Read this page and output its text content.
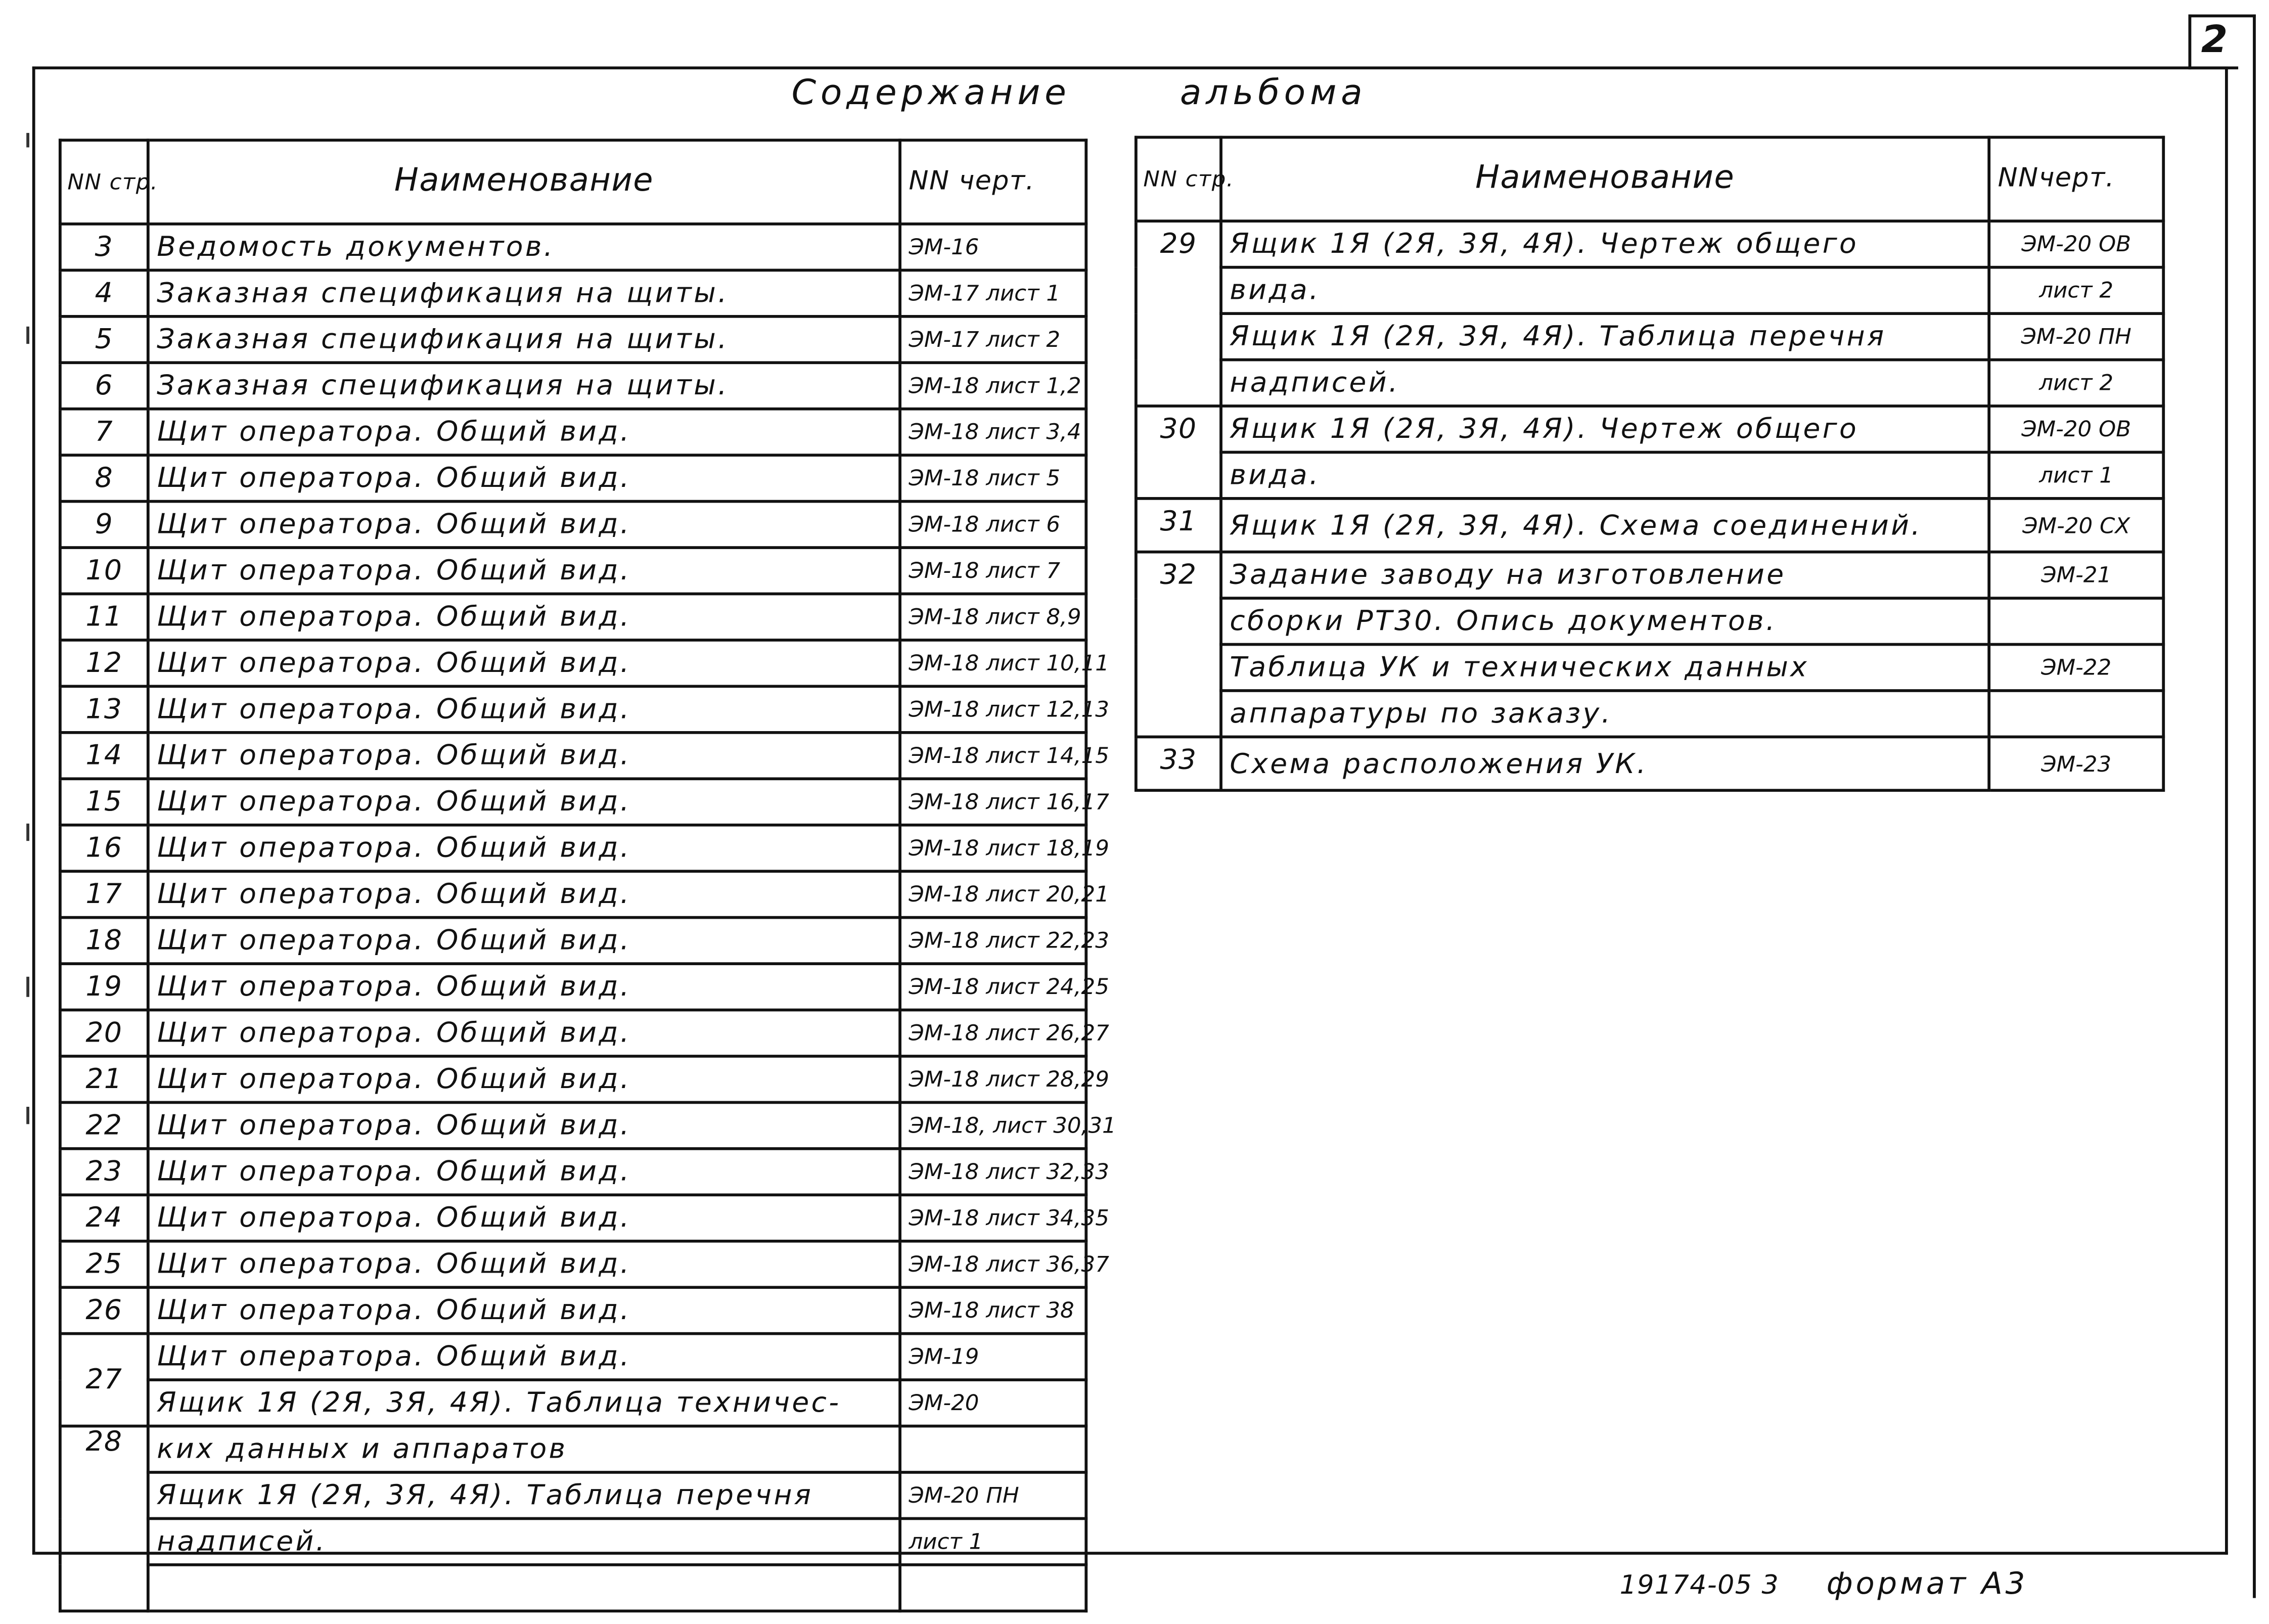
2
Содержание	альбома
NN стр.	Наименование	NN черт.
3	Ведомость документов.	ЭМ-16
4	Заказная спецификация на щиты.	ЭМ-17 лист 1
5	Заказная спецификация на щиты.	ЭМ-17 лист 2
6	Заказная спецификация на щиты.	ЭМ-18 лист 1,2
7	Щит оператора. Общий вид.	ЭМ-18 лист 3,4
8	Щит оператора. Общий вид.	ЭМ-18 лист 5
9	Щит оператора. Общий вид.	ЭМ-18 лист 6
10	Щит оператора. Общий вид.	ЭМ-18 лист 7
11	Щит оператора. Общий вид.	ЭМ-18 лист 8,9
12	Щит оператора. Общий вид.	ЭМ-18 лист 10,11
13	Щит оператора. Общий вид.	ЭМ-18 лист 12,13
14	Щит оператора. Общий вид.	ЭМ-18 лист 14,15
15	Щит оператора. Общий вид.	ЭМ-18 лист 16,17
16	Щит оператора. Общий вид.	ЭМ-18 лист 18,19
17	Щит оператора. Общий вид.	ЭМ-18 лист 20,21
18	Щит оператора. Общий вид.	ЭМ-18 лист 22,23
19	Щит оператора. Общий вид.	ЭМ-18 лист 24,25
20	Щит оператора. Общий вид.	ЭМ-18 лист 26,27
21	Щит оператора. Общий вид.	ЭМ-18 лист 28,29
22	Щит оператора. Общий вид.	ЭМ-18, лист 30,31
23	Щит оператора. Общий вид.	ЭМ-18 лист 32,33
24	Щит оператора. Общий вид.	ЭМ-18 лист 34,35
25	Щит оператора. Общий вид.	ЭМ-18 лист 36,37
26	Щит оператора. Общий вид.	ЭМ-18 лист 38
27	Щит оператора. Общий вид.	ЭМ-19
	Ящик 1Я (2Я, 3Я, 4Я). Таблица техничес-	ЭМ-20
28	ких данных и аппаратов	
	Ящик 1Я (2Я, 3Я, 4Я). Таблица перечня	ЭМ-20 ПН
	надписей.	лист 1

NN стр.	Наименование	NNчерт.
29	Ящик 1Я (2Я, 3Я, 4Я). Чертеж общего	ЭМ-20 ОВ
	вида.	лист 2
	Ящик 1Я (2Я, 3Я, 4Я). Таблица перечня	ЭМ-20 ПН
	надписей.	лист 2
30	Ящик 1Я (2Я, 3Я, 4Я). Чертеж общего	ЭМ-20 ОВ
	вида.	лист 1
31	Ящик 1Я (2Я, 3Я, 4Я). Схема соединений.	ЭМ-20 СХ
32	Задание заводу на изготовление	ЭМ-21
	сборки РТ30. Опись документов.	
	Таблица УК и технических данных	ЭМ-22
	аппаратуры по заказу.	
33	Схема расположения УК.	ЭМ-23
19174-05 3	формат А3
